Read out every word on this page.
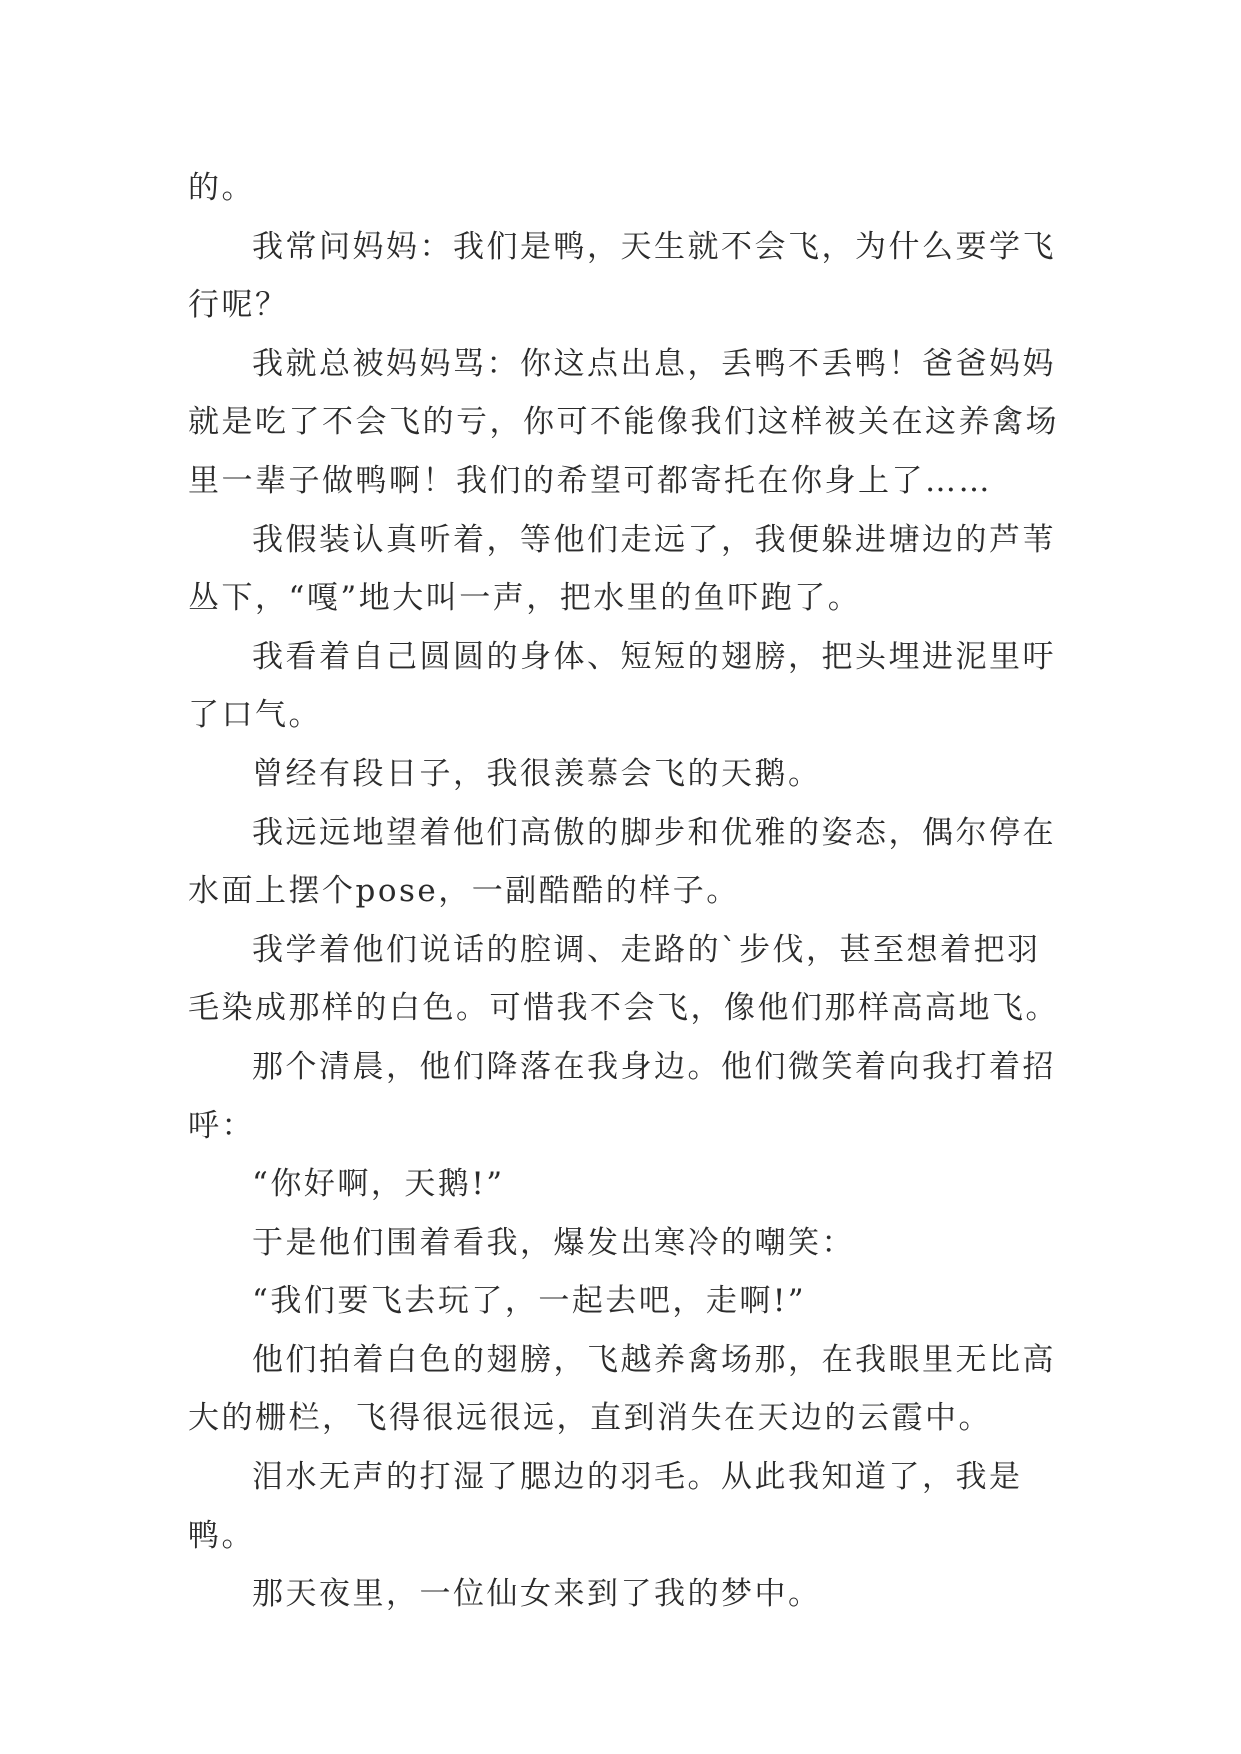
的。

我常问妈妈：我们是鸭，天生就不会飞，为什么要学飞行呢？

我就总被妈妈骂：你这点出息，丢鸭不丢鸭！爸爸妈妈就是吃了不会飞的亏，你可不能像我们这样被关在这养禽场里一辈子做鸭啊！我们的希望可都寄托在你身上了……

我假装认真听着，等他们走远了，我便躲进塘边的芦苇丛下，“嘎”地大叫一声，把水里的鱼吓跑了。

我看着自己圆圆的身体、短短的翅膀，把头埋进泥里吁了口气。

曾经有段日子，我很羡慕会飞的天鹅。

我远远地望着他们高傲的脚步和优雅的姿态，偶尔停在水面上摆个pose，一副酷酷的样子。

我学着他们说话的腔调、走路的`步伐，甚至想着把羽毛染成那样的白色。可惜我不会飞，像他们那样高高地飞。

那个清晨，他们降落在我身边。他们微笑着向我打着招呼：

“你好啊，天鹅!”

于是他们围着看我，爆发出寒冷的嘲笑：

“我们要飞去玩了，一起去吧，走啊!”

他们拍着白色的翅膀，飞越养禽场那，在我眼里无比高大的栅栏，飞得很远很远，直到消失在天边的云霞中。

泪水无声的打湿了腮边的羽毛。从此我知道了，我是鸭。

那天夜里，一位仙女来到了我的梦中。
